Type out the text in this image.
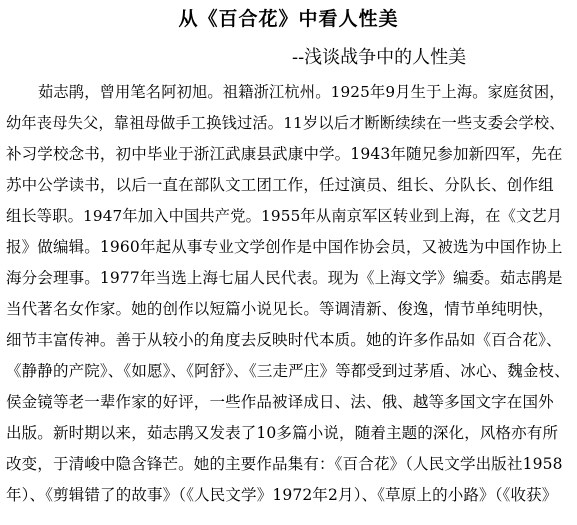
从《百合花》中看人性美

--浅谈战争中的人性美

茹志鹃，曾用笔名阿初旭。祖籍浙江杭州。1925年9月生于上海。家庭贫困，
幼年丧母失父，靠祖母做手工换钱过活。11岁以后才断断续续在一些支委会学校、
补习学校念书，初中毕业于浙江武康县武康中学。1943年随兄参加新四军，先在
苏中公学读书，以后一直在部队文工团工作，任过演员、组长、分队长、创作组
组长等职。1947年加入中国共产党。1955年从南京军区转业到上海，在《文艺月
报》做编辑。1960年起从事专业文学创作是中国作协会员，又被选为中国作协上
海分会理事。1977年当选上海七届人民代表。现为《上海文学》编委。茹志鹃是
当代著名女作家。她的创作以短篇小说见长。等调清新、俊逸，情节单纯明快，
细节丰富传神。善于从较小的角度去反映时代本质。她的许多作品如《百合花》、
《静静的产院》、《如愿》、《阿舒》、《三走严庄》等都受到过茅盾、冰心、魏金枝、
侯金镜等老一辈作家的好评，一些作品被译成日、法、俄、越等多国文字在国外
出版。新时期以来，茹志鹃又发表了10多篇小说，随着主题的深化，风格亦有所
改变，于清峻中隐含锋芒。她的主要作品集有：《百合花》（人民文学出版社1958
年）、《剪辑错了的故事》（《人民文学》1972年2月）、《草原上的小路》（《收获》
